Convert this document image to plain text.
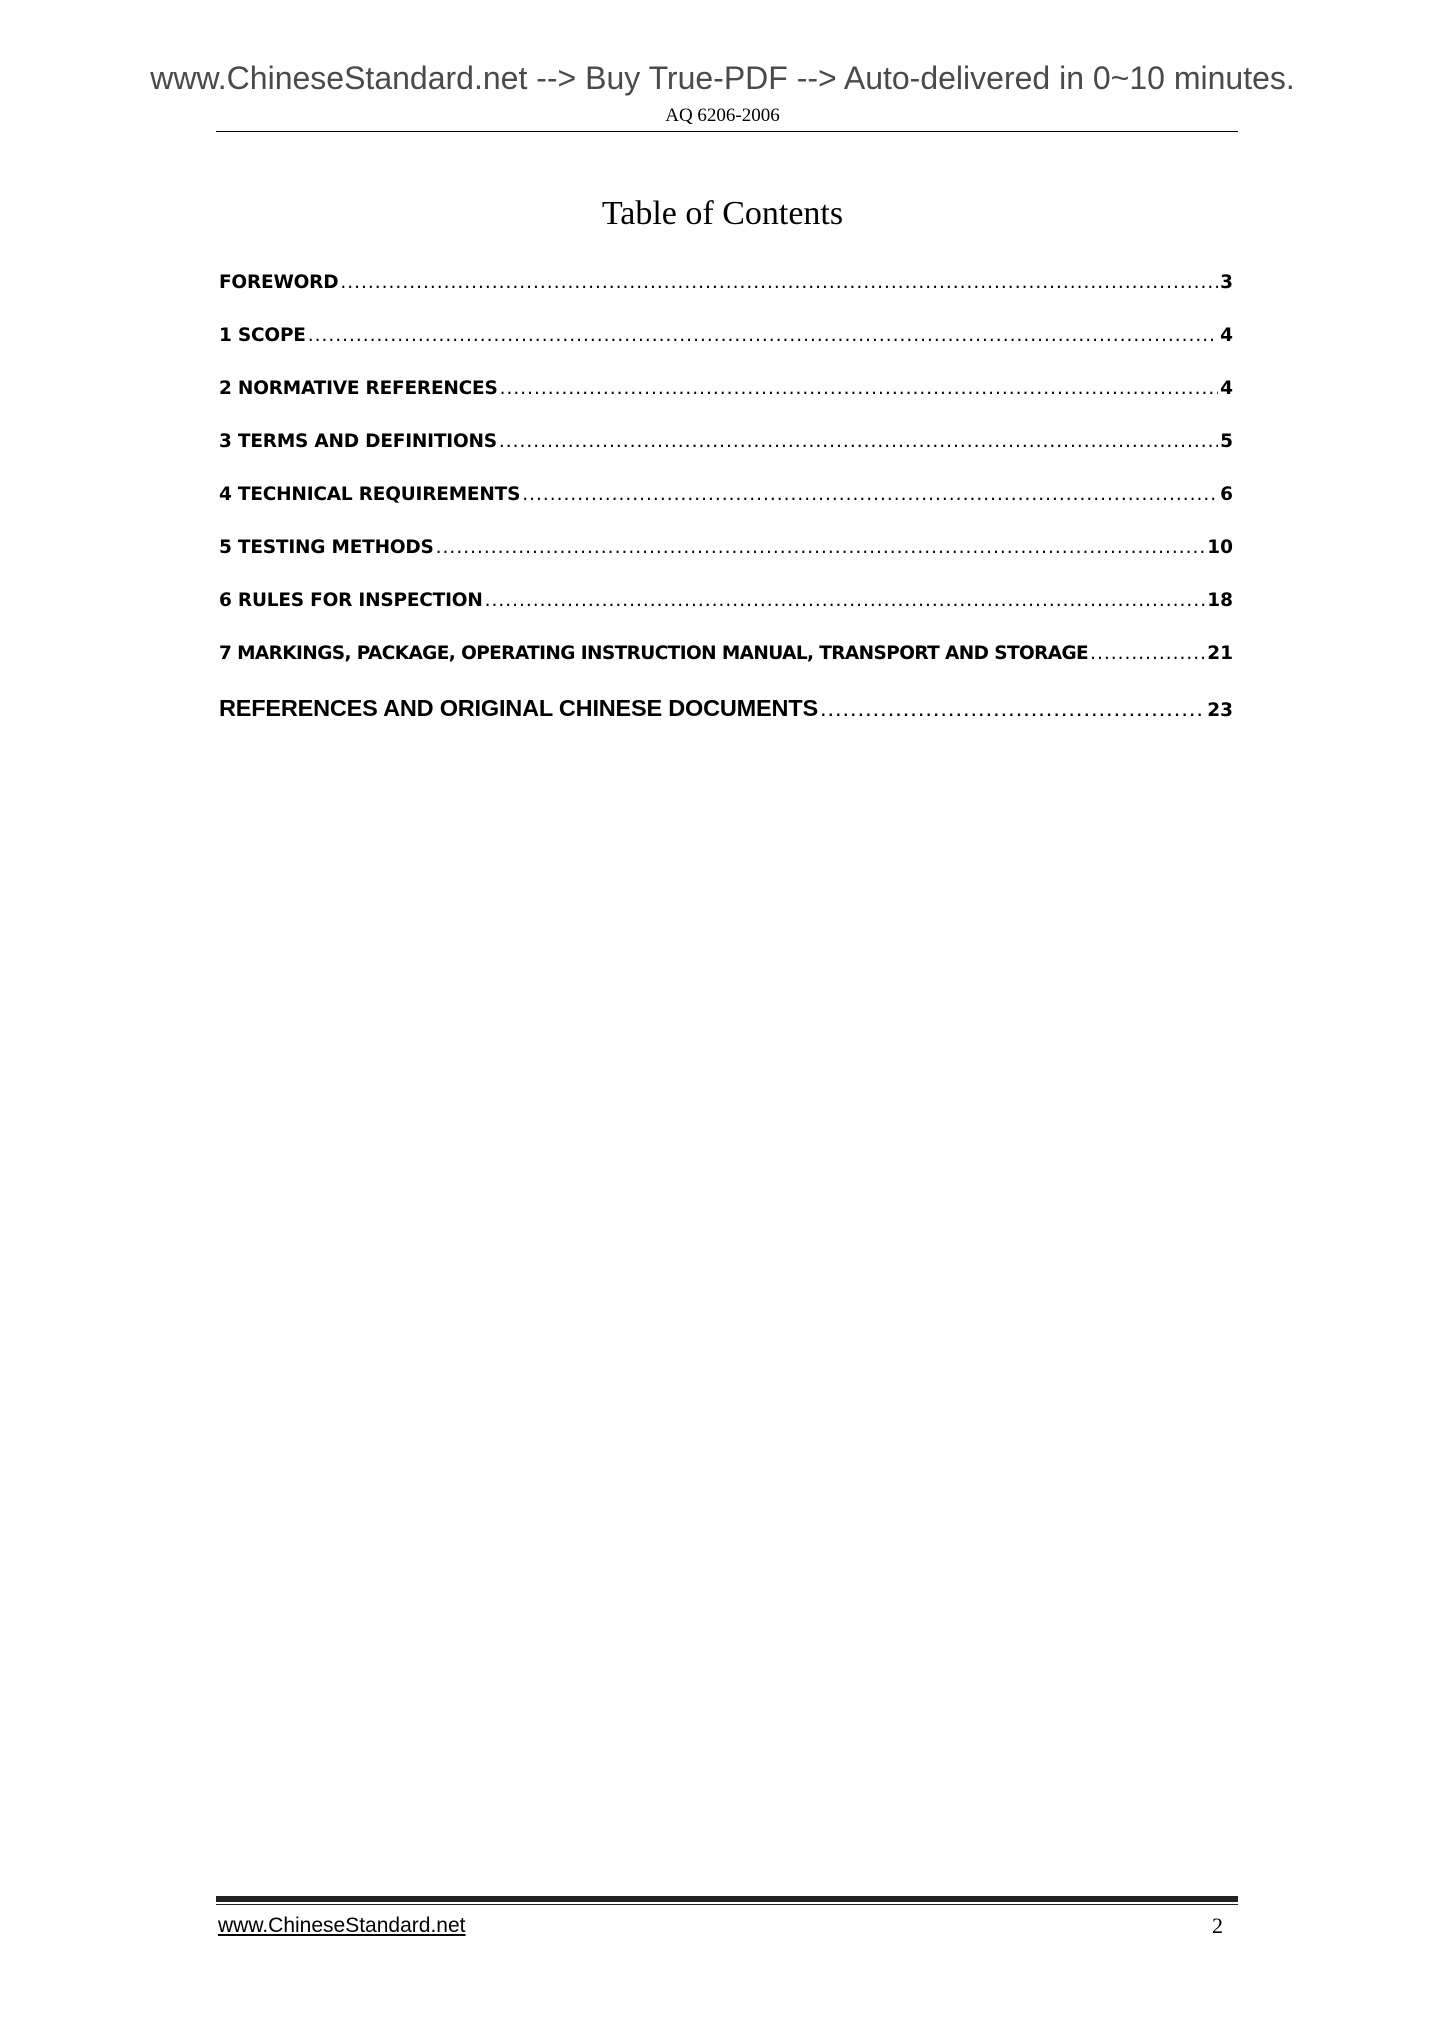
www.ChineseStandard.net --> Buy True-PDF --> Auto-delivered in 0~10 minutes.
AQ 6206-2006
Table of Contents
FOREWORD .....	3
1 SCOPE .....	4
2 NORMATIVE REFERENCES .....	4
3 TERMS AND DEFINITIONS .....	5
4 TECHNICAL REQUIREMENTS .....	6
5 TESTING METHODS .....	10
6 RULES FOR INSPECTION .....	18
7 MARKINGS, PACKAGE, OPERATING INSTRUCTION MANUAL, TRANSPORT AND STORAGE .....	21
REFERENCES AND ORIGINAL CHINESE DOCUMENTS .....	23
www.ChineseStandard.net	2
